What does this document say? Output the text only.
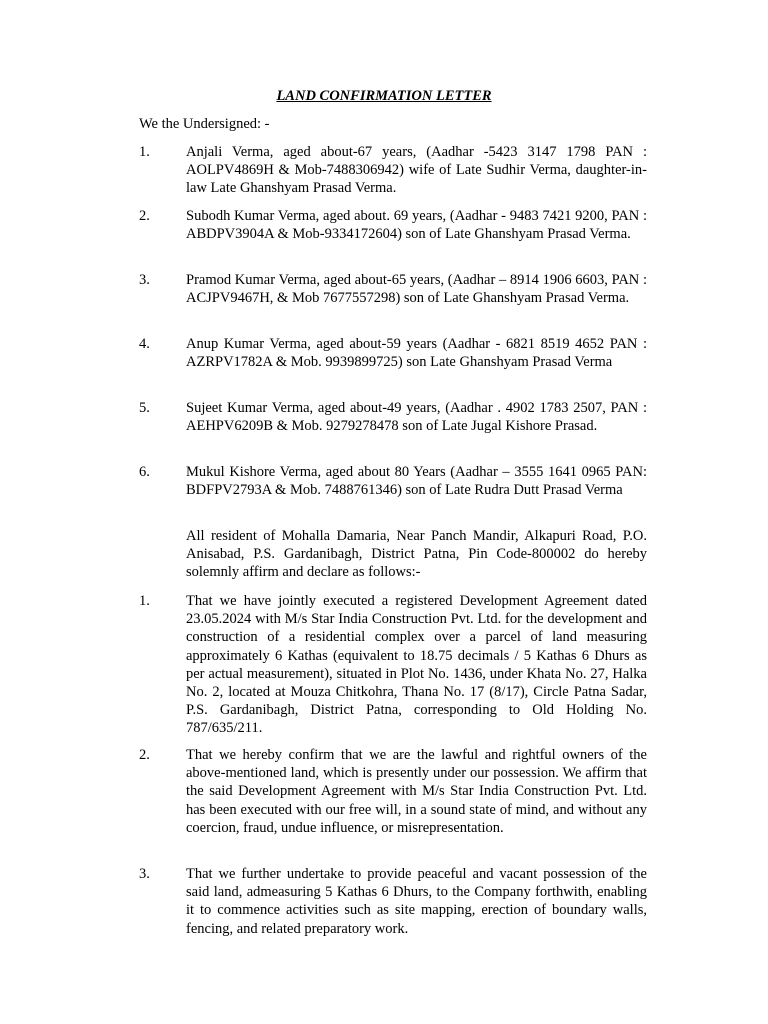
LAND CONFIRMATION LETTER
We the Undersigned: -
1.	Anjali Verma, aged about-67 years, (Aadhar -5423 3147 1798 PAN : AOLPV4869H & Mob-7488306942) wife of Late Sudhir Verma, daughter-in-law Late Ghanshyam Prasad Verma.
2.	Subodh Kumar Verma, aged about. 69 years, (Aadhar - 9483 7421 9200, PAN : ABDPV3904A & Mob-9334172604) son of Late Ghanshyam Prasad Verma.
3.	Pramod Kumar Verma, aged about-65 years, (Aadhar – 8914 1906 6603, PAN : ACJPV9467H, & Mob 7677557298) son of Late Ghanshyam Prasad Verma.
4.	Anup Kumar Verma, aged about-59 years (Aadhar - 6821 8519 4652 PAN : AZRPV1782A & Mob. 9939899725) son Late Ghanshyam Prasad Verma
5.	Sujeet Kumar Verma, aged about-49 years, (Aadhar . 4902 1783 2507, PAN : AEHPV6209B & Mob. 9279278478 son of Late Jugal Kishore Prasad.
6.	Mukul Kishore Verma, aged about 80 Years (Aadhar – 3555 1641 0965 PAN: BDFPV2793A & Mob. 7488761346) son of Late Rudra Dutt Prasad Verma
All resident of Mohalla Damaria, Near Panch Mandir, Alkapuri Road, P.O. Anisabad, P.S. Gardanibagh, District Patna, Pin Code-800002 do hereby solemnly affirm and declare as follows:-
1.	That we have jointly executed a registered Development Agreement dated 23.05.2024 with M/s Star India Construction Pvt. Ltd. for the development and construction of a residential complex over a parcel of land measuring approximately 6 Kathas (equivalent to 18.75 decimals / 5 Kathas 6 Dhurs as per actual measurement), situated in Plot No. 1436, under Khata No. 27, Halka No. 2, located at Mouza Chitkohra, Thana No. 17 (8/17), Circle Patna Sadar, P.S. Gardanibagh, District Patna, corresponding to Old Holding No. 787/635/211.
2.	That we hereby confirm that we are the lawful and rightful owners of the above-mentioned land, which is presently under our possession. We affirm that the said Development Agreement with M/s Star India Construction Pvt. Ltd. has been executed with our free will, in a sound state of mind, and without any coercion, fraud, undue influence, or misrepresentation.
3.	That we further undertake to provide peaceful and vacant possession of the said land, admeasuring 5 Kathas 6 Dhurs, to the Company forthwith, enabling it to commence activities such as site mapping, erection of boundary walls, fencing, and related preparatory work.
